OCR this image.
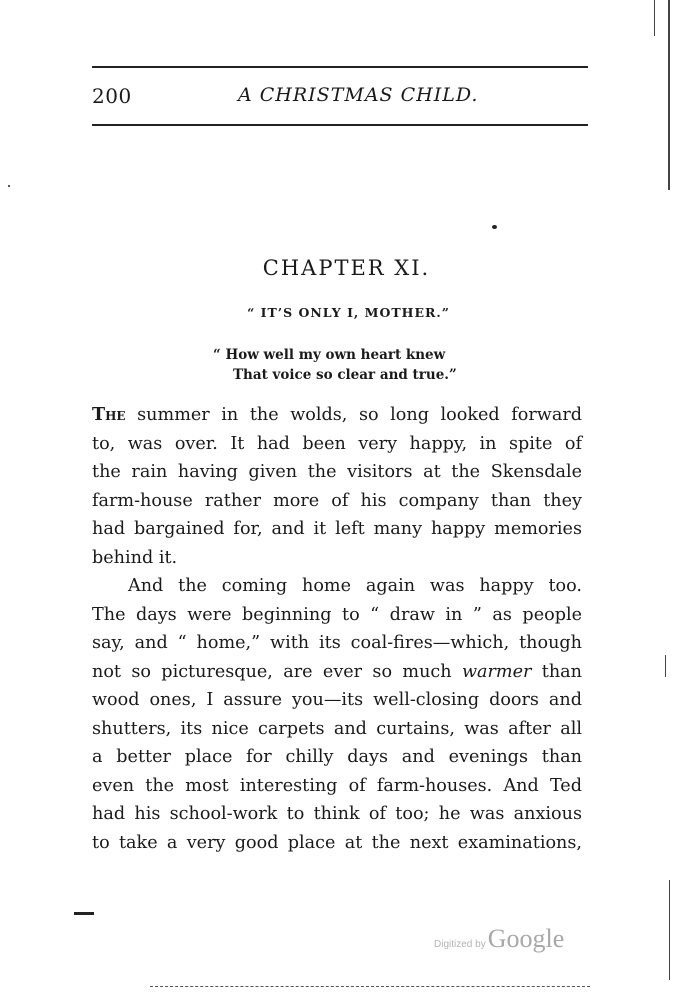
200	A CHRISTMAS CHILD.
CHAPTER XI.
“ IT’S ONLY I, MOTHER.”
“ How well my own heart knew
That voice so clear and true.”
The summer in the wolds, so long looked forward
to, was over. It had been very happy, in spite of
the rain having given the visitors at the Skensdale
farm-house rather more of his company than they
had bargained for, and it left many happy memories
behind it.
And the coming home again was happy too.
The days were beginning to “ draw in ” as people
say, and “ home,” with its coal-fires—which, though
not so picturesque, are ever so much warmer than
wood ones, I assure you—its well-closing doors and
shutters, its nice carpets and curtains, was after all
a better place for chilly days and evenings than
even the most interesting of farm-houses. And Ted
had his school-work to think of too; he was anxious
to take a very good place at the next examinations,
Digitized byGoogle
